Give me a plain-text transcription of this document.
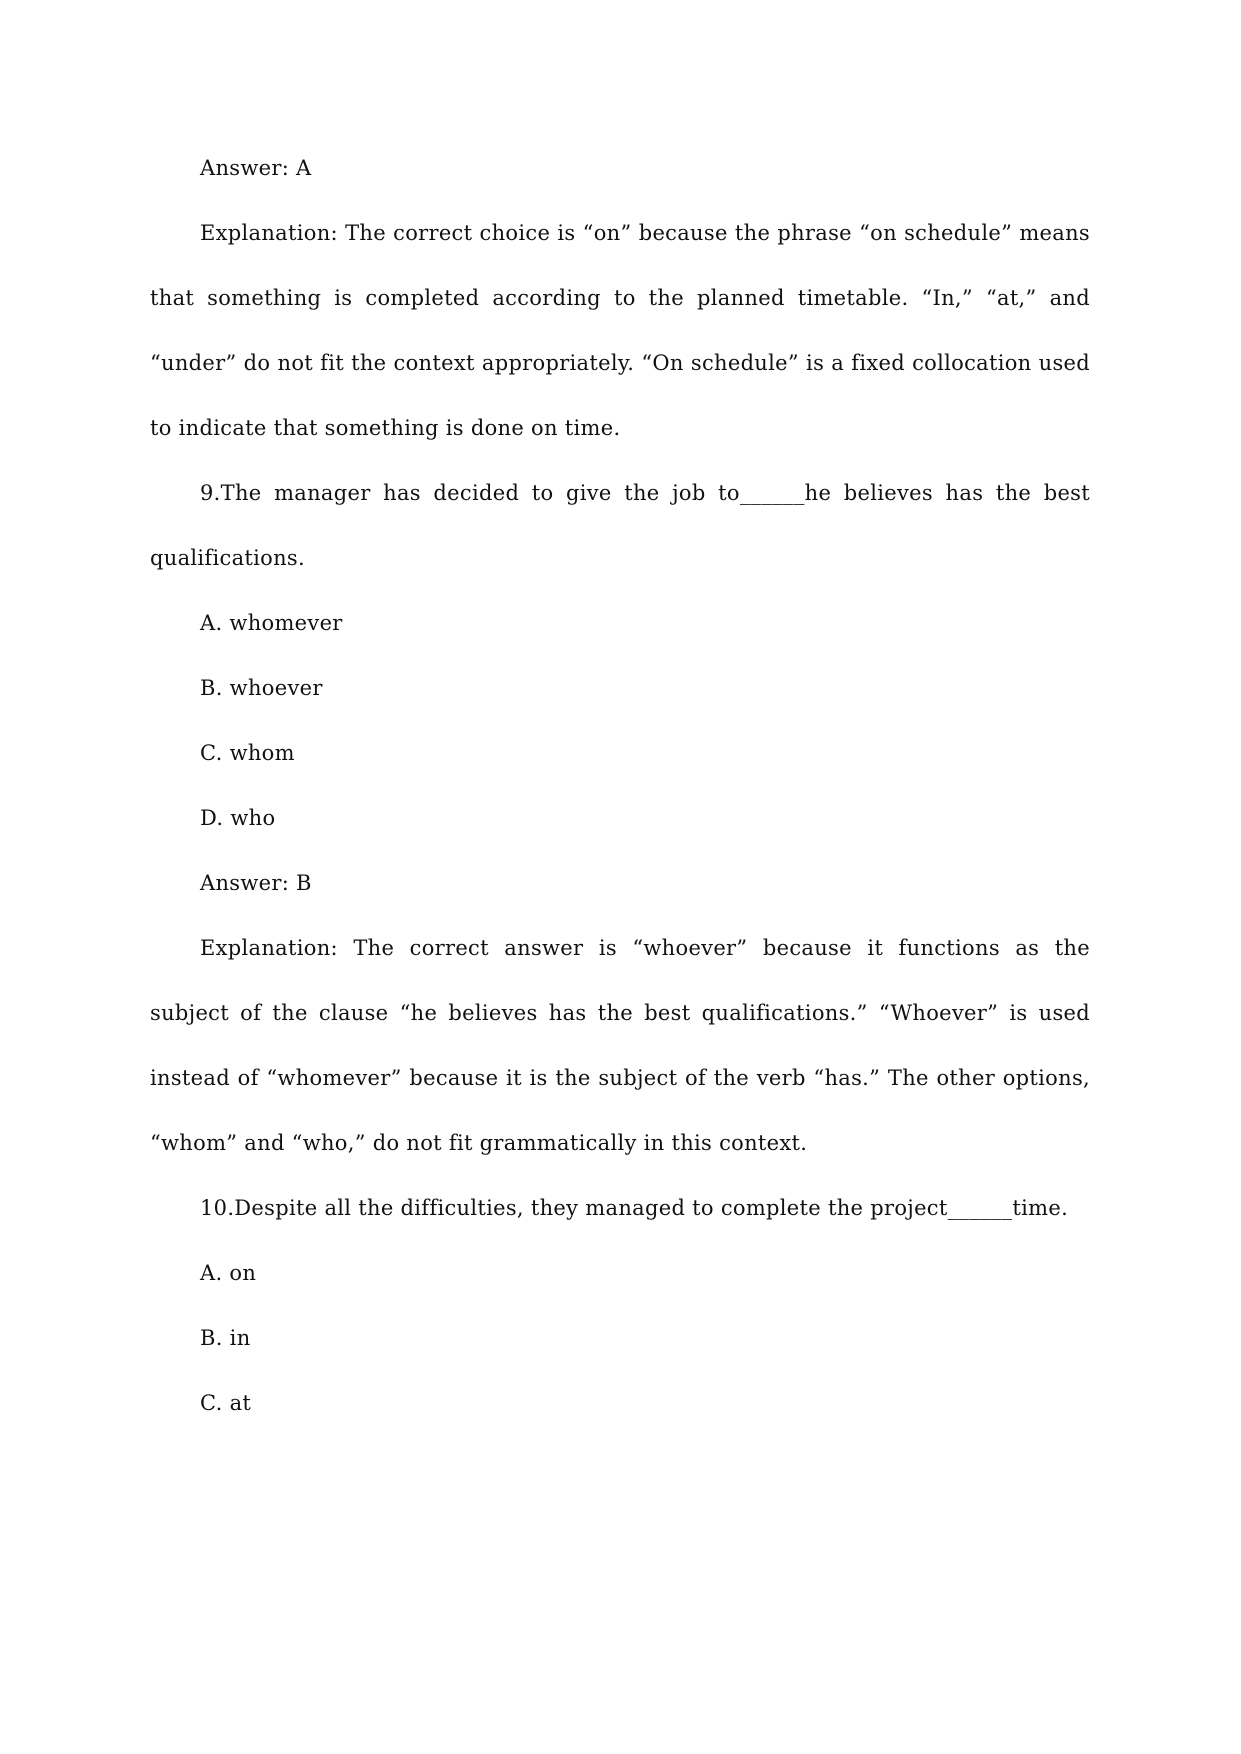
Answer: A

Explanation: The correct choice is “on” because the phrase “on schedule” means that something is completed according to the planned timetable. “In,” “at,” and “under” do not fit the context appropriately. “On schedule” is a fixed collocation used to indicate that something is done on time.

9.The manager has decided to give the job to______he believes has the best qualifications.

A. whomever

B. whoever

C. whom

D. who

Answer: B

Explanation: The correct answer is “whoever” because it functions as the subject of the clause “he believes has the best qualifications.” “Whoever” is used instead of “whomever” because it is the subject of the verb “has.” The other options, “whom” and “who,” do not fit grammatically in this context.

10.Despite all the difficulties, they managed to complete the project______time.

A. on

B. in

C. at
